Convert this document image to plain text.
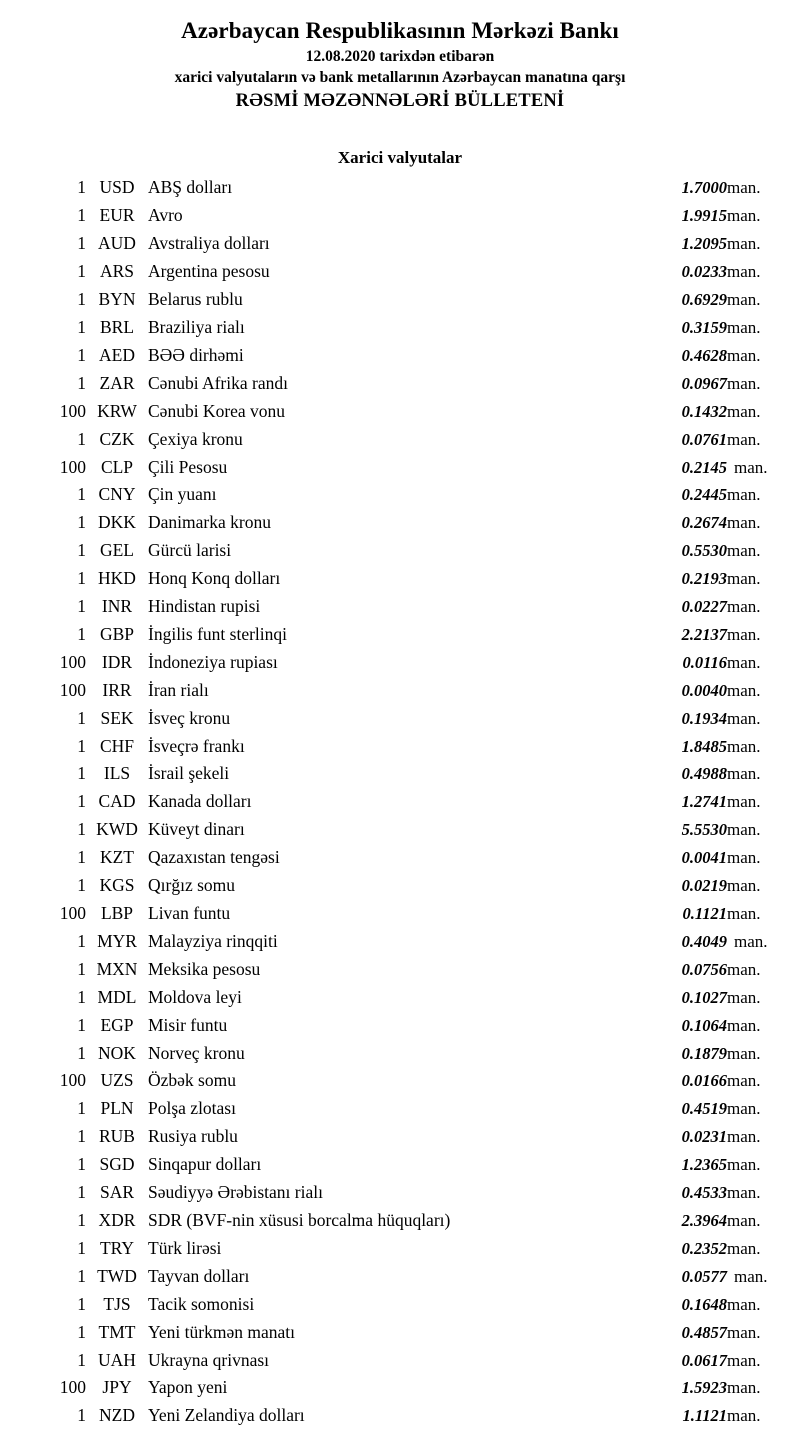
Azərbaycan Respublikasının Mərkəzi Bankı
12.08.2020 tarixdən etibarən
xarici valyutaların və bank metallarının Azərbaycan manatına qarşı
RƏSMİ MƏZƏNNƏLƏRİ BÜLLETENİ
Xarici valyutalar
1	USD	ABŞ dolları	1.7000	man.
1	EUR	Avro	1.9915	man.
1	AUD	Avstraliya dolları	1.2095	man.
1	ARS	Argentina pesosu	0.0233	man.
1	BYN	Belarus rublu	0.6929	man.
1	BRL	Braziliya rialı	0.3159	man.
1	AED	BƏƏ dirhəmi	0.4628	man.
1	ZAR	Cənubi Afrika randı	0.0967	man.
100	KRW	Cənubi Korea vonu	0.1432	man.
1	CZK	Çexiya kronu	0.0761	man.
100	CLP	Çili Pesosu	0.2145	man.
1	CNY	Çin yuanı	0.2445	man.
1	DKK	Danimarka kronu	0.2674	man.
1	GEL	Gürcü larisi	0.5530	man.
1	HKD	Honq Konq dolları	0.2193	man.
1	INR	Hindistan rupisi	0.0227	man.
1	GBP	İngilis funt sterlinqi	2.2137	man.
100	IDR	İndoneziya rupiası	0.0116	man.
100	IRR	İran rialı	0.0040	man.
1	SEK	İsveç kronu	0.1934	man.
1	CHF	İsveçrə frankı	1.8485	man.
1	ILS	İsrail şekeli	0.4988	man.
1	CAD	Kanada dolları	1.2741	man.
1	KWD	Küveyt dinarı	5.5530	man.
1	KZT	Qazaxıstan tengəsi	0.0041	man.
1	KGS	Qırğız somu	0.0219	man.
100	LBP	Livan funtu	0.1121	man.
1	MYR	Malayziya rinqqiti	0.4049	man.
1	MXN	Meksika pesosu	0.0756	man.
1	MDL	Moldova leyi	0.1027	man.
1	EGP	Misir funtu	0.1064	man.
1	NOK	Norveç kronu	0.1879	man.
100	UZS	Özbək somu	0.0166	man.
1	PLN	Polşa zlotası	0.4519	man.
1	RUB	Rusiya rublu	0.0231	man.
1	SGD	Sinqapur dolları	1.2365	man.
1	SAR	Səudiyyə Ərəbistanı rialı	0.4533	man.
1	XDR	SDR (BVF-nin xüsusi borcalma hüquqları)	2.3964	man.
1	TRY	Türk lirəsi	0.2352	man.
1	TWD	Tayvan dolları	0.0577	man.
1	TJS	Tacik somonisi	0.1648	man.
1	TMT	Yeni türkmən manatı	0.4857	man.
1	UAH	Ukrayna qrivnası	0.0617	man.
100	JPY	Yapon yeni	1.5923	man.
1	NZD	Yeni Zelandiya dolları	1.1121	man.
